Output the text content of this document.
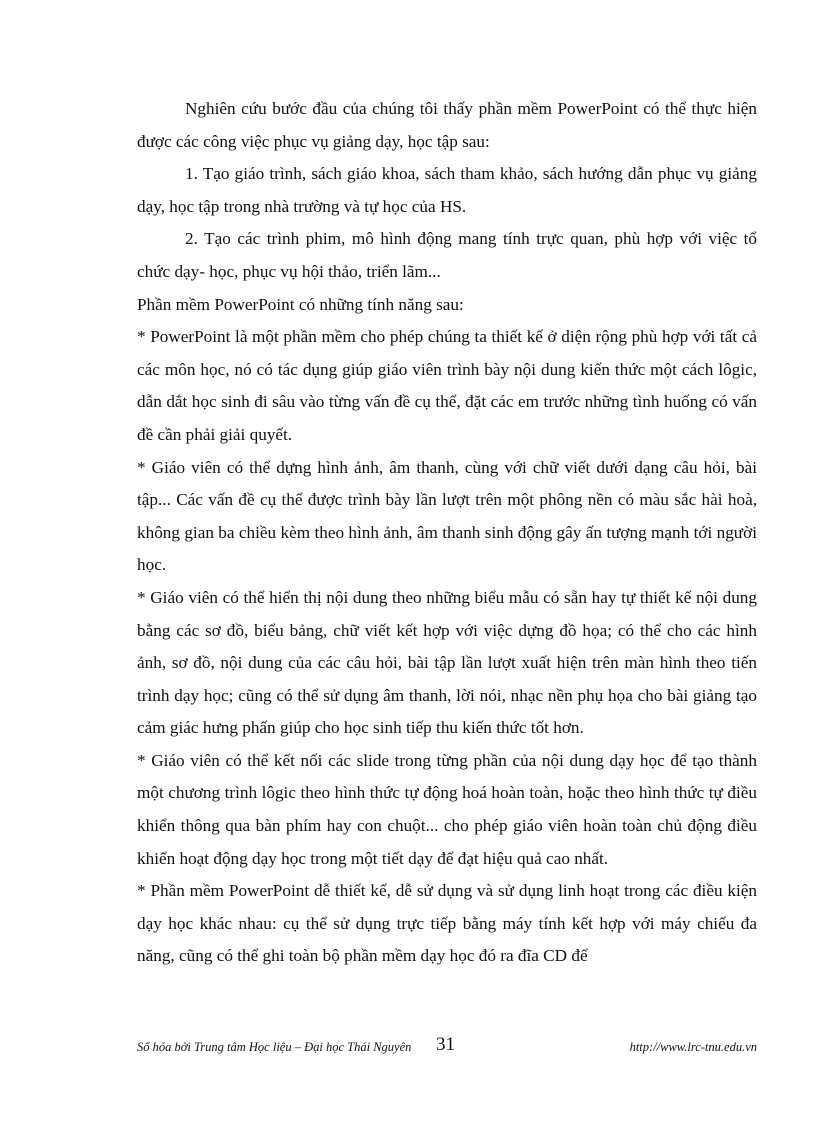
Nghiên cứu bước đầu của chúng tôi thấy phần mềm PowerPoint có thể thực hiện được các công việc phục vụ giảng dạy, học tập sau:

1. Tạo giáo trình, sách giáo khoa, sách tham khảo, sách hướng dẫn phục vụ giảng dạy, học tập trong nhà trường và tự học của HS.

2. Tạo các trình phim, mô hình động mang tính trực quan, phù hợp với việc tổ chức dạy- học, phục vụ hội thảo, triển lãm...

Phần mềm PowerPoint có những tính năng sau:

* PowerPoint là một phần mềm cho phép chúng ta thiết kế ở diện rộng phù hợp với tất cả các môn học, nó có tác dụng giúp giáo viên trình bày nội dung kiến thức một cách lôgic, dẫn dắt học sinh đi sâu vào từng vấn đề cụ thể, đặt các em trước những tình huống có vấn đề cần phải giải quyết.

* Giáo viên có thể dựng hình ảnh, âm thanh, cùng với chữ viết dưới dạng câu hỏi, bài tập... Các vấn đề cụ thể được trình bày lần lượt trên một phông nền có màu sắc hài hoà, không gian ba chiều kèm theo hình ảnh, âm thanh sinh động gây ấn tượng mạnh tới người học.

* Giáo viên có thể hiển thị nội dung theo những biểu mẫu có sẵn hay tự thiết kế nội dung bằng các sơ đồ, biểu bảng, chữ viết kết hợp với việc dựng đồ họa; có thể cho các hình ảnh, sơ đồ, nội dung của các câu hỏi, bài tập lần lượt xuất hiện trên màn hình theo tiến trình dạy học; cũng có thể sử dụng âm thanh, lời nói, nhạc nền phụ họa cho bài giảng tạo cảm giác hưng phấn giúp cho học sinh tiếp thu kiến thức tốt hơn.

* Giáo viên có thể kết nối các slide trong từng phần của nội dung dạy học để tạo thành một chương trình lôgic theo hình thức tự động hoá hoàn toàn, hoặc theo hình thức tự điều khiển thông qua bàn phím hay con chuột... cho phép giáo viên hoàn toàn chủ động điều khiển hoạt động dạy học trong một tiết dạy để đạt hiệu quả cao nhất.

* Phần mềm PowerPoint dễ thiết kế, dễ sử dụng và sử dụng linh hoạt trong các điều kiện dạy học khác nhau: cụ thể sử dụng trực tiếp bằng máy tính kết hợp với máy chiếu đa năng, cũng có thể ghi toàn bộ phần mềm dạy học đó ra đĩa CD để

Số hóa bởi Trung tâm Học liệu – Đại học Thái Nguyên 31	http://www.lrc-tnu.edu.vn
